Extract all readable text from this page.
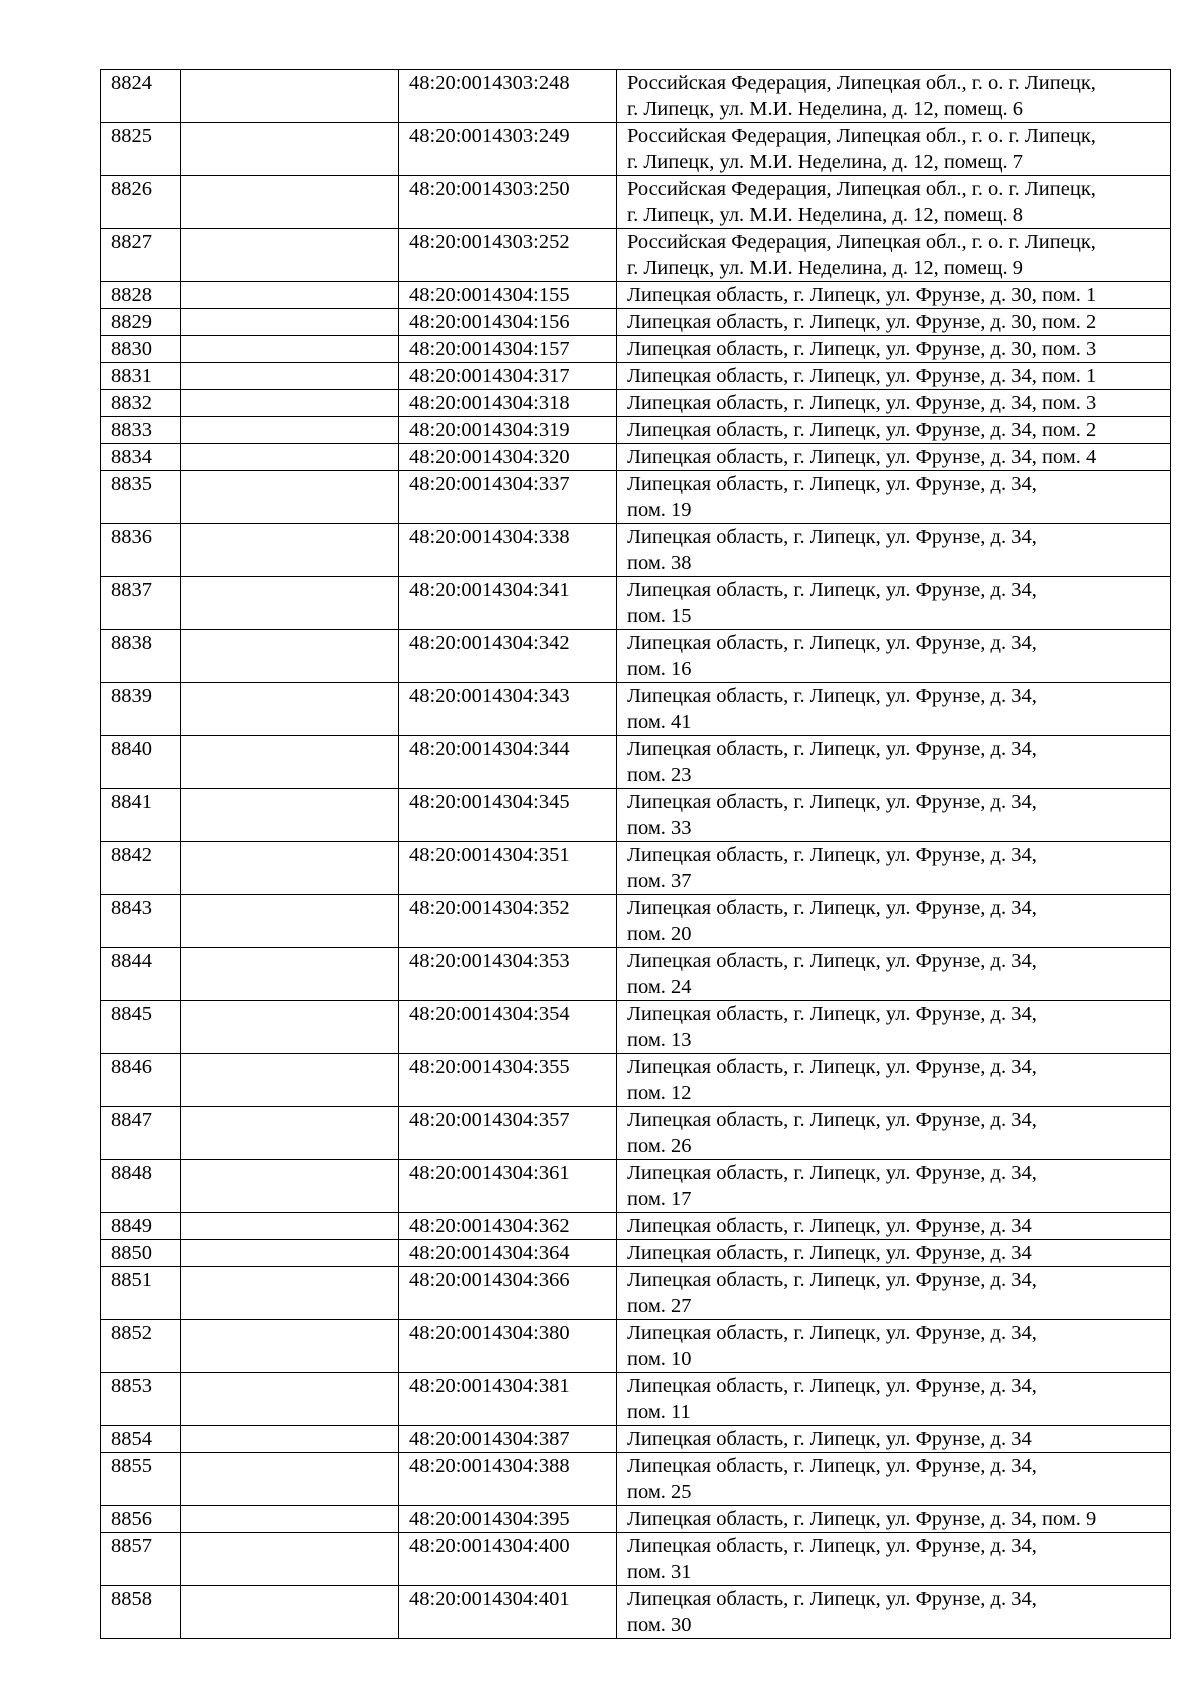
8824		48:20:0014303:248	Российская Федерация, Липецкая обл., г. о. г. Липецк,
г. Липецк, ул. М.И. Неделина, д. 12, помещ. 6

8825		48:20:0014303:249	Российская Федерация, Липецкая обл., г. о. г. Липецк,
г. Липецк, ул. М.И. Неделина, д. 12, помещ. 7

8826		48:20:0014303:250	Российская Федерация, Липецкая обл., г. о. г. Липецк,
г. Липецк, ул. М.И. Неделина, д. 12, помещ. 8

8827		48:20:0014303:252	Российская Федерация, Липецкая обл., г. о. г. Липецк,
г. Липецк, ул. М.И. Неделина, д. 12, помещ. 9

8828		48:20:0014304:155	Липецкая область, г. Липецк, ул. Фрунзе, д. 30, пом. 1

8829		48:20:0014304:156	Липецкая область, г. Липецк, ул. Фрунзе, д. 30, пом. 2

8830		48:20:0014304:157	Липецкая область, г. Липецк, ул. Фрунзе, д. 30, пом. 3

8831		48:20:0014304:317	Липецкая область, г. Липецк, ул. Фрунзе, д. 34, пом. 1

8832		48:20:0014304:318	Липецкая область, г. Липецк, ул. Фрунзе, д. 34, пом. 3

8833		48:20:0014304:319	Липецкая область, г. Липецк, ул. Фрунзе, д. 34, пом. 2

8834		48:20:0014304:320	Липецкая область, г. Липецк, ул. Фрунзе, д. 34, пом. 4

8835		48:20:0014304:337	Липецкая область, г. Липецк, ул. Фрунзе, д. 34,
пом. 19

8836		48:20:0014304:338	Липецкая область, г. Липецк, ул. Фрунзе, д. 34,
пом. 38

8837		48:20:0014304:341	Липецкая область, г. Липецк, ул. Фрунзе, д. 34,
пом. 15

8838		48:20:0014304:342	Липецкая область, г. Липецк, ул. Фрунзе, д. 34,
пом. 16

8839		48:20:0014304:343	Липецкая область, г. Липецк, ул. Фрунзе, д. 34,
пом. 41

8840		48:20:0014304:344	Липецкая область, г. Липецк, ул. Фрунзе, д. 34,
пом. 23

8841		48:20:0014304:345	Липецкая область, г. Липецк, ул. Фрунзе, д. 34,
пом. 33

8842		48:20:0014304:351	Липецкая область, г. Липецк, ул. Фрунзе, д. 34,
пом. 37

8843		48:20:0014304:352	Липецкая область, г. Липецк, ул. Фрунзе, д. 34,
пом. 20

8844		48:20:0014304:353	Липецкая область, г. Липецк, ул. Фрунзе, д. 34,
пом. 24

8845		48:20:0014304:354	Липецкая область, г. Липецк, ул. Фрунзе, д. 34,
пом. 13

8846		48:20:0014304:355	Липецкая область, г. Липецк, ул. Фрунзе, д. 34,
пом. 12

8847		48:20:0014304:357	Липецкая область, г. Липецк, ул. Фрунзе, д. 34,
пом. 26

8848		48:20:0014304:361	Липецкая область, г. Липецк, ул. Фрунзе, д. 34,
пом. 17

8849		48:20:0014304:362	Липецкая область, г. Липецк, ул. Фрунзе, д. 34

8850		48:20:0014304:364	Липецкая область, г. Липецк, ул. Фрунзе, д. 34

8851		48:20:0014304:366	Липецкая область, г. Липецк, ул. Фрунзе, д. 34,
пом. 27

8852		48:20:0014304:380	Липецкая область, г. Липецк, ул. Фрунзе, д. 34,
пом. 10

8853		48:20:0014304:381	Липецкая область, г. Липецк, ул. Фрунзе, д. 34,
пом. 11

8854		48:20:0014304:387	Липецкая область, г. Липецк, ул. Фрунзе, д. 34

8855		48:20:0014304:388	Липецкая область, г. Липецк, ул. Фрунзе, д. 34,
пом. 25

8856		48:20:0014304:395	Липецкая область, г. Липецк, ул. Фрунзе, д. 34, пом. 9

8857		48:20:0014304:400	Липецкая область, г. Липецк, ул. Фрунзе, д. 34,
пом. 31

8858		48:20:0014304:401	Липецкая область, г. Липецк, ул. Фрунзе, д. 34,
пом. 30
